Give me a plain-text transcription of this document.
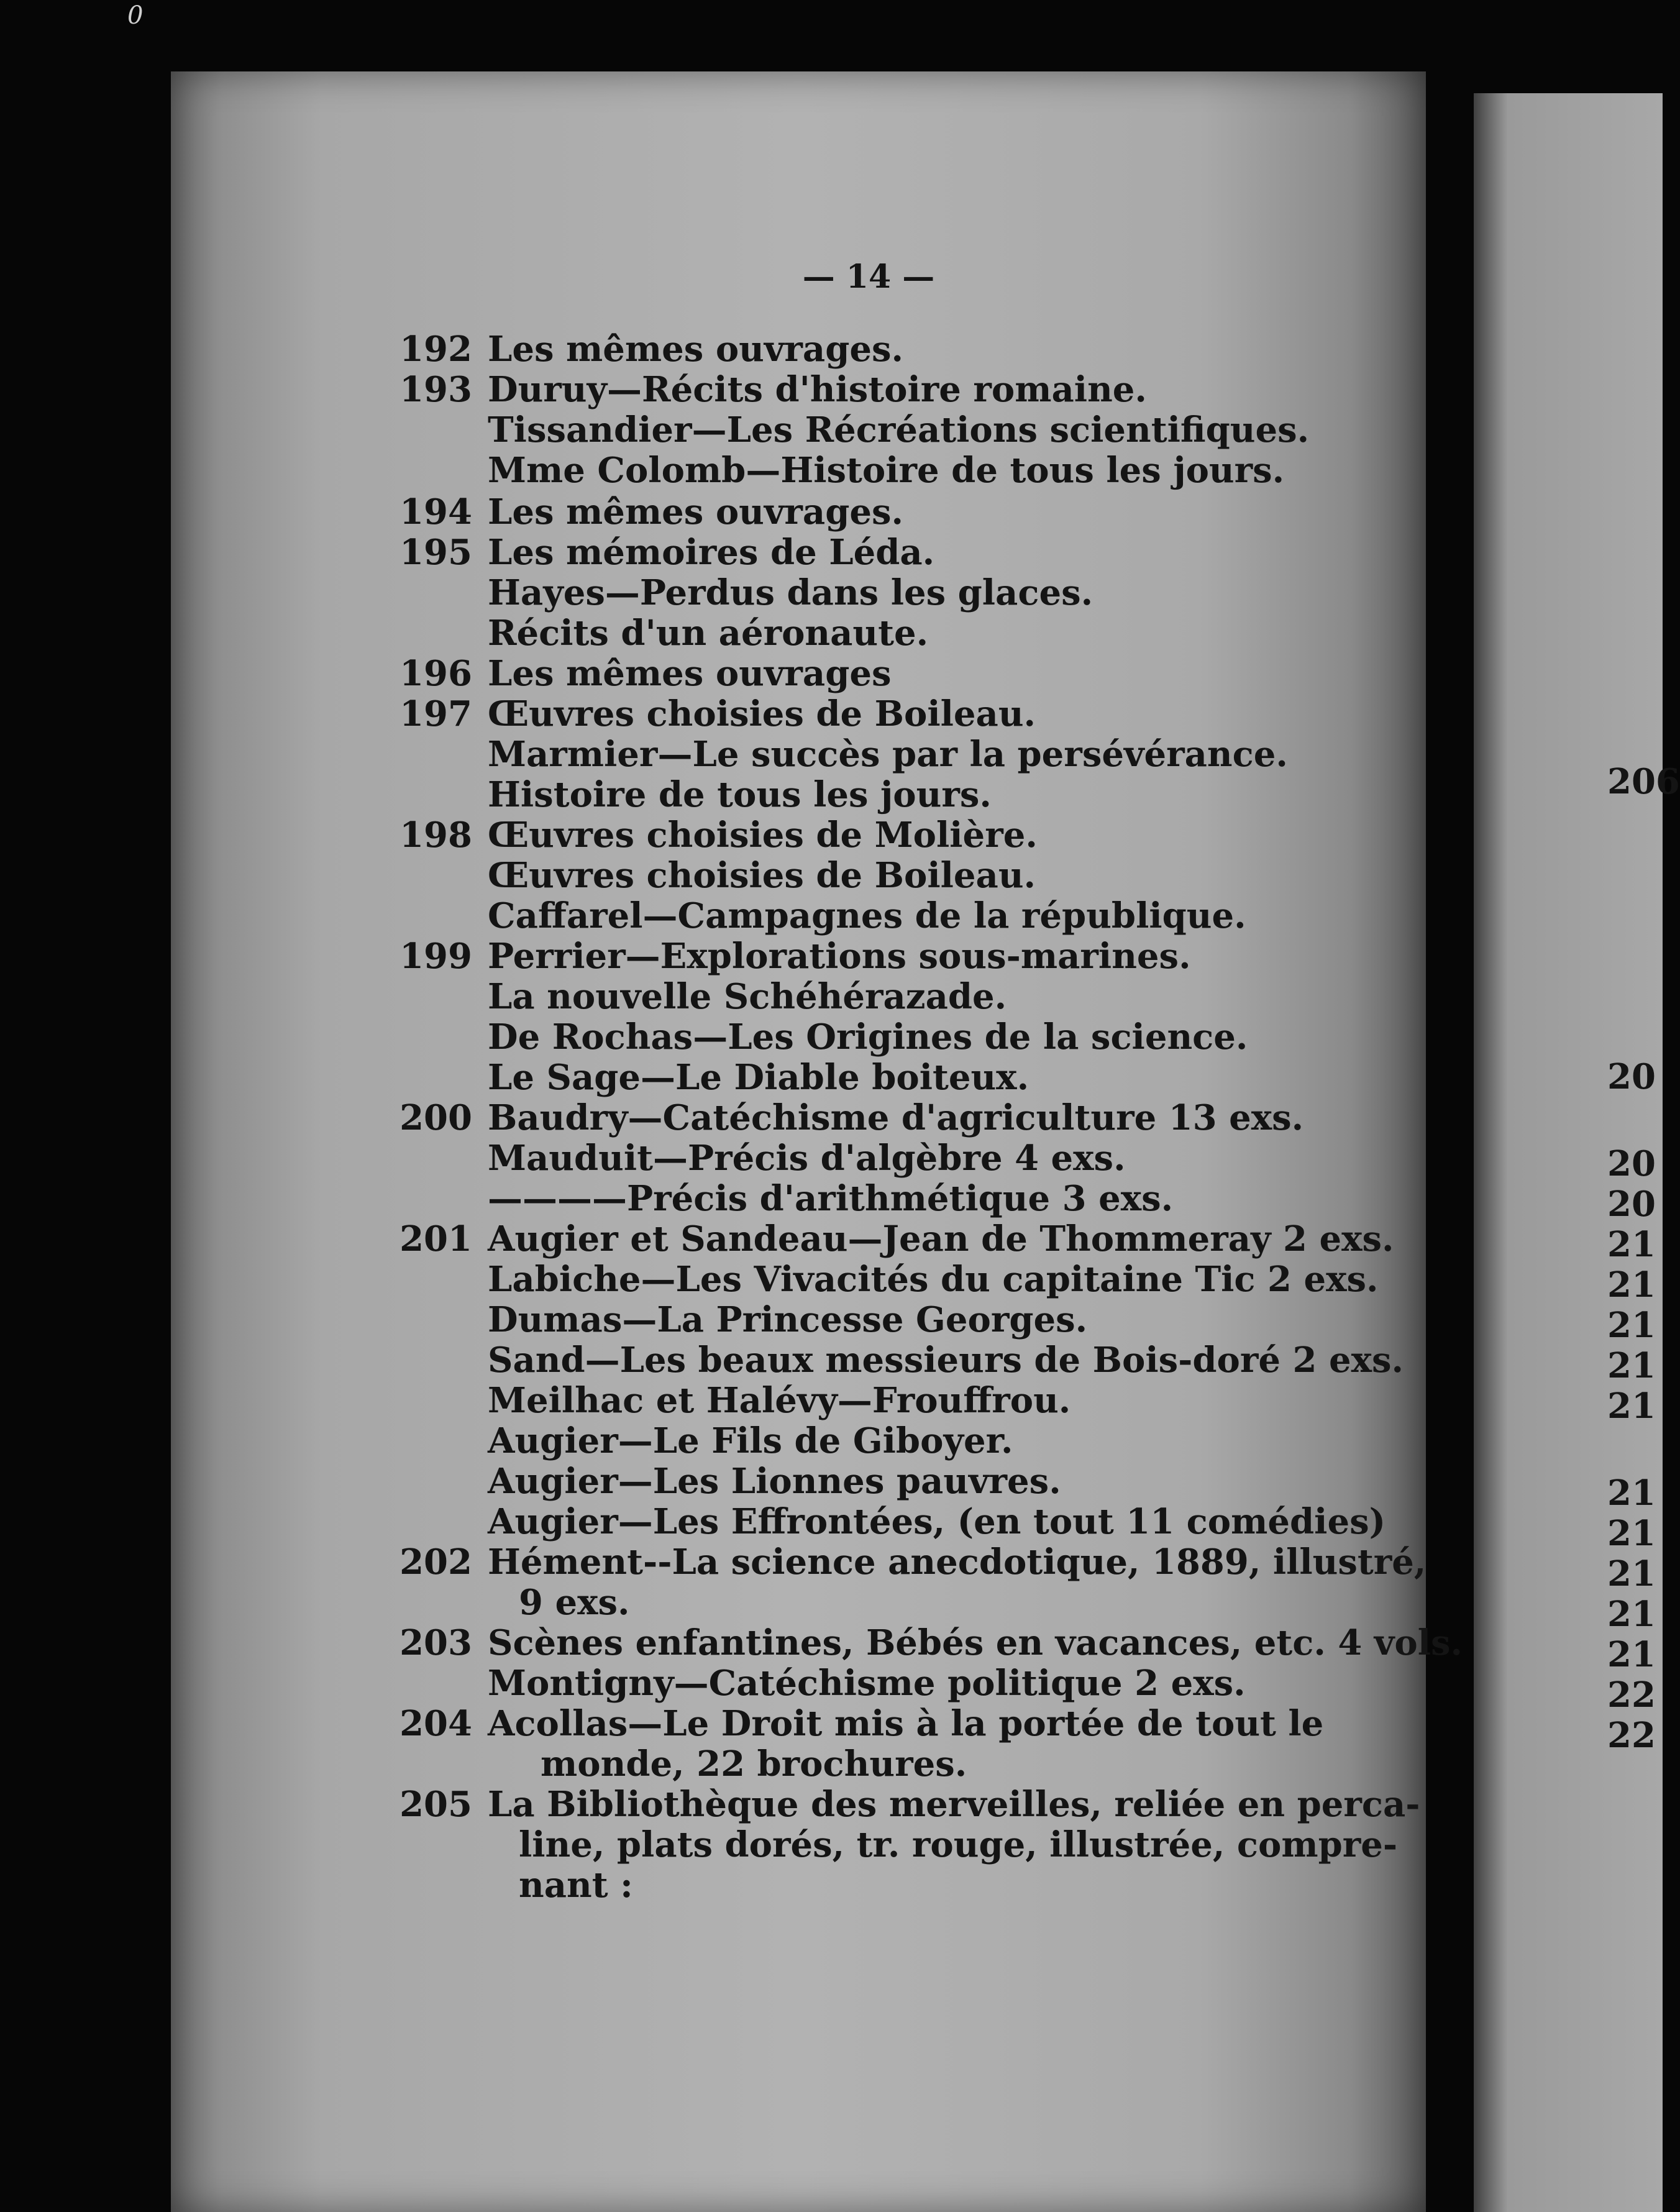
0
— 14 —
192 Les mêmes ouvrages.
193 Duruy—Récits d'histoire romaine.
Tissandier—Les Récréations scientifiques.
Mme Colomb—Histoire de tous les jours.
194 Les mêmes ouvrages.
195 Les mémoires de Léda.
Hayes—Perdus dans les glaces.
Récits d'un aéronaute.
196 Les mêmes ouvrages
197 Œuvres choisies de Boileau.
Marmier—Le succès par la persévérance.
Histoire de tous les jours.
198 Œuvres choisies de Molière.
Œuvres choisies de Boileau.
Caffarel—Campagnes de la république.
199 Perrier—Explorations sous-marines.
La nouvelle Schéhérazade.
De Rochas—Les Origines de la science.
Le Sage—Le Diable boiteux.
200 Baudry—Catéchisme d'agriculture 13 exs.
Mauduit—Précis d'algèbre 4 exs.
————Précis d'arithmétique 3 exs.
201 Augier et Sandeau—Jean de Thommeray 2 exs.
Labiche—Les Vivacités du capitaine Tic 2 exs.
Dumas—La Princesse Georges.
Sand—Les beaux messieurs de Bois-doré 2 exs.
Meilhac et Halévy—Frouffrou.
Augier—Le Fils de Giboyer.
Augier—Les Lionnes pauvres.
Augier—Les Effrontées, (en tout 11 comédies)
202 Hément--La science anecdotique, 1889, illustré,
9 exs.
203 Scènes enfantines, Bébés en vacances, etc. 4 vols.
Montigny—Catéchisme politique 2 exs.
204 Acollas—Le Droit mis à la portée de tout le
monde, 22 brochures.
205 La Bibliothèque des merveilles, reliée en perca-
line, plats dorés, tr. rouge, illustrée, compre-
nant :
206
20
20
20
21
21
21
21
21
21
21
21
21
21
22
22
